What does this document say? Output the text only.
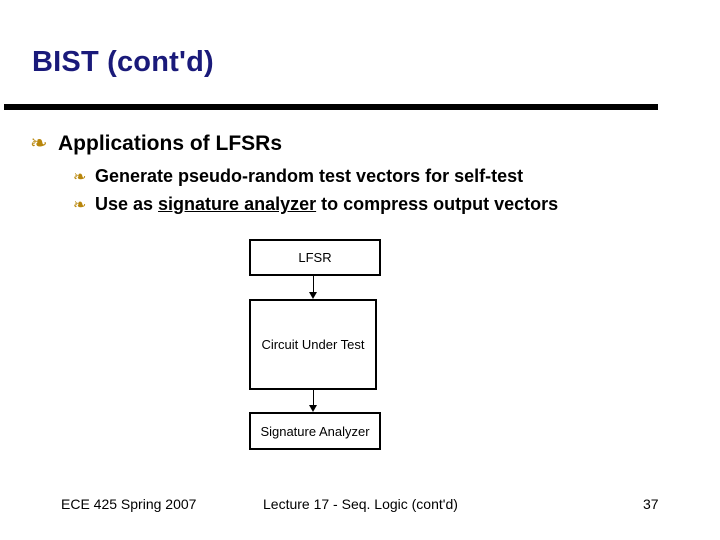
BIST (cont'd)
❧ Applications of LFSRs
❧ Generate pseudo-random test vectors for self-test
❧ Use as signature analyzer to compress output vectors
LFSR
Circuit Under Test
Signature Analyzer
ECE 425 Spring 2007	Lecture 17 - Seq. Logic (cont'd)	37
